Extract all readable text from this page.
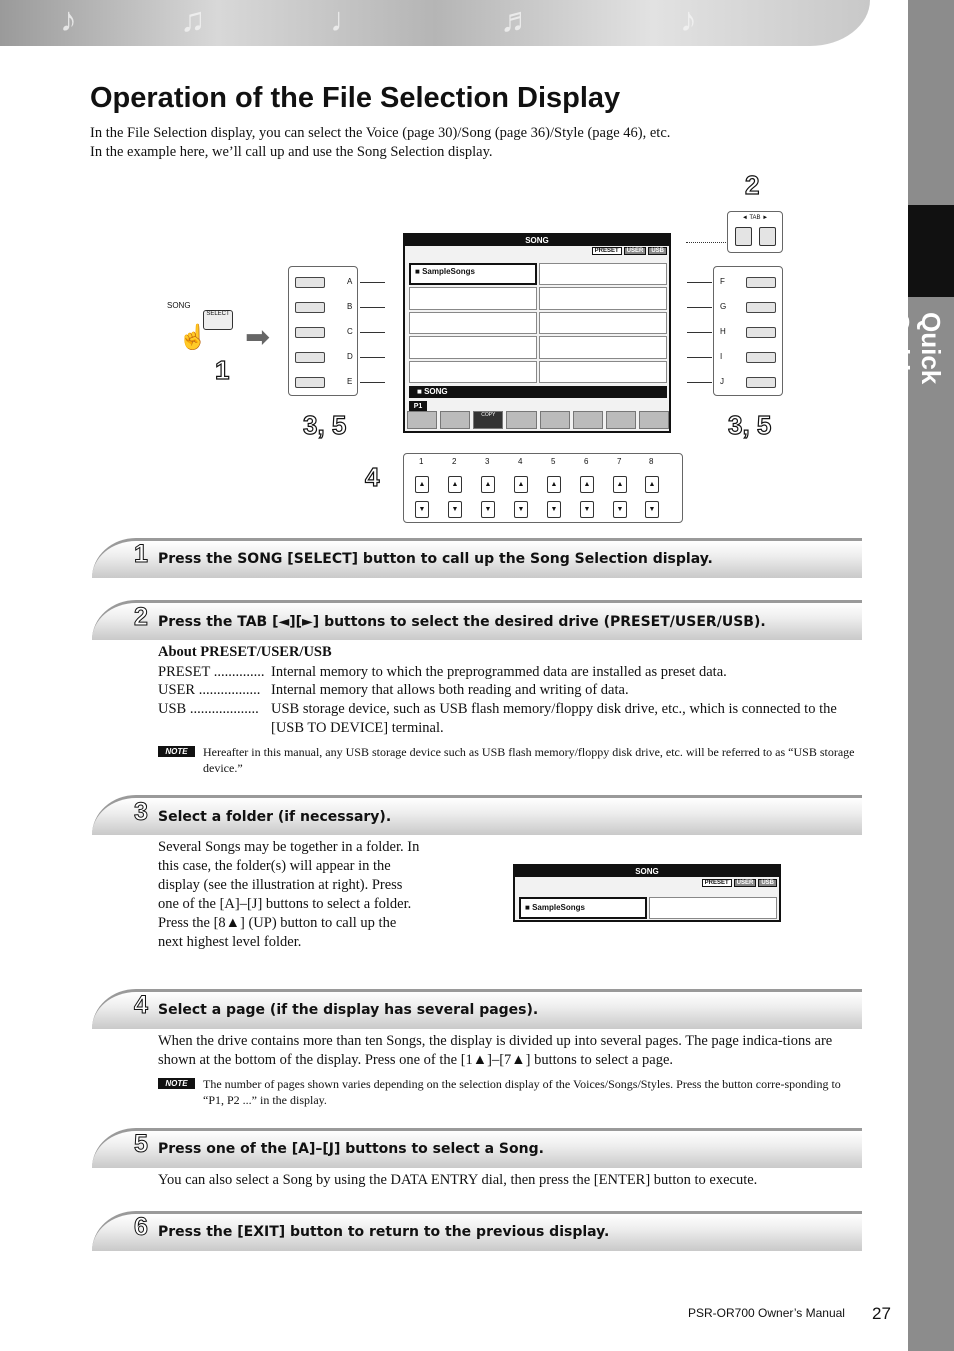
♪	♫	♩	♬	♪
Quick Guide
Operation of the File Selection Display
In the File Selection display, you can select the Voice (page 30)/Song (page 36)/Style (page 46), etc.
In the example here, we’ll call up and use the Song Selection display.
2
1
3, 5	3, 5
4
SONG
SELECT
☝ ➡
A
B
C
D
E
SONG
PRESET	USER	USB
■ SampleSongs
■ SONG
P1
COPY
◄ TAB ►
F
G
H
I
J
1	2	3	4	5	6	7	8
▲
▼
▲
▼
▲
▼
▲
▼
▲
▼
▲
▼
▲
▼
▲
▼
1 Press the SONG [SELECT] button to call up the Song Selection display.
2 Press the TAB [◄][►] buttons to select the desired drive (PRESET/USER/USB).
About PRESET/USER/USB
PRESET .............. Internal memory to which the preprogrammed data are installed as preset data.
USER ................. Internal memory that allows both reading and writing of data.
USB ................... USB storage device, such as USB flash memory/floppy disk drive, etc., which is connected to the [USB TO DEVICE] terminal.
NOTE	Hereafter in this manual, any USB storage device such as USB flash memory/floppy disk drive, etc. will be referred to as “USB storage device.”
3 Select a folder (if necessary).
Several Songs may be together in a folder. In this case, the folder(s) will appear in the display (see the illustration at right). Press one of the [A]–[J] buttons to select a folder.
Press the [8▲] (UP) button to call up the next highest level folder.
SONG
PRESET	USER	USB
■ SampleSongs
4 Select a page (if the display has several pages).
When the drive contains more than ten Songs, the display is divided up into several pages. The page indica-tions are shown at the bottom of the display. Press one of the [1▲]–[7▲] buttons to select a page.
NOTE	The number of pages shown varies depending on the selection display of the Voices/Songs/Styles. Press the button corre-sponding to “P1, P2 ...” in the display.
5 Press one of the [A]–[J] buttons to select a Song.
You can also select a Song by using the DATA ENTRY dial, then press the [ENTER] button to execute.
6 Press the [EXIT] button to return to the previous display.
PSR-OR700 Owner’s Manual 27
